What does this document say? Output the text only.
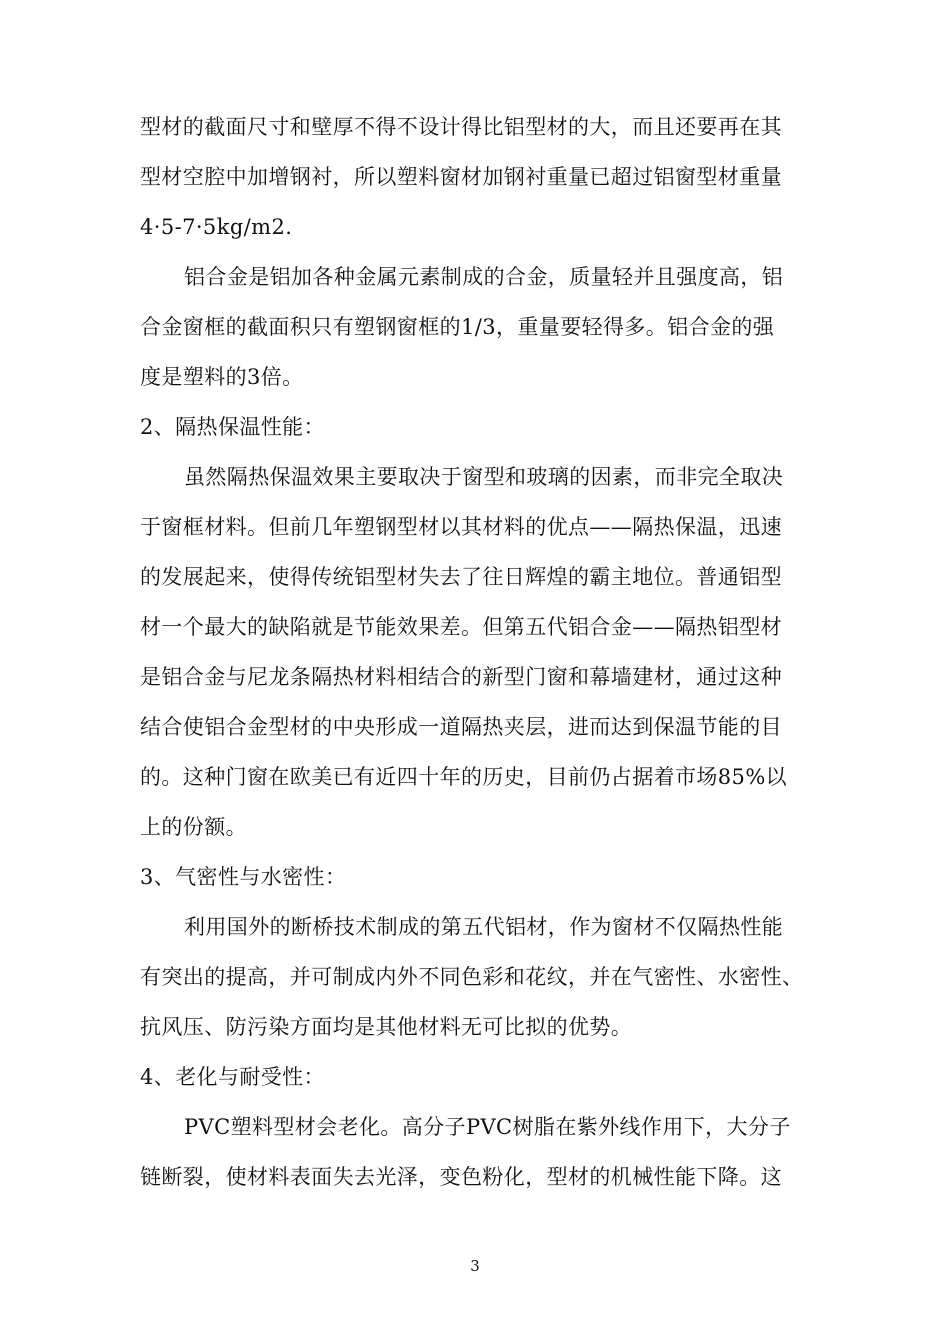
型材的截面尺寸和壁厚不得不设计得比铝型材的大，而且还要再在其
型材空腔中加增钢衬，所以塑料窗材加钢衬重量已超过铝窗型材重量
4·5-7·5kg/m2.
铝合金是铝加各种金属元素制成的合金，质量轻并且强度高，铝
合金窗框的截面积只有塑钢窗框的1/3，重量要轻得多。铝合金的强
度是塑料的3倍。
2、隔热保温性能：
虽然隔热保温效果主要取决于窗型和玻璃的因素，而非完全取决
于窗框材料。但前几年塑钢型材以其材料的优点——隔热保温，迅速
的发展起来，使得传统铝型材失去了往日辉煌的霸主地位。普通铝型
材一个最大的缺陷就是节能效果差。但第五代铝合金——隔热铝型材
是铝合金与尼龙条隔热材料相结合的新型门窗和幕墙建材，通过这种
结合使铝合金型材的中央形成一道隔热夹层，进而达到保温节能的目
的。这种门窗在欧美已有近四十年的历史，目前仍占据着市场85%以
上的份额。
3、气密性与水密性：
利用国外的断桥技术制成的第五代铝材，作为窗材不仅隔热性能
有突出的提高，并可制成内外不同色彩和花纹，并在气密性、水密性、
抗风压、防污染方面均是其他材料无可比拟的优势。
4、老化与耐受性：
PVC塑料型材会老化。高分子PVC树脂在紫外线作用下，大分子
链断裂，使材料表面失去光泽，变色粉化，型材的机械性能下降。这
3
